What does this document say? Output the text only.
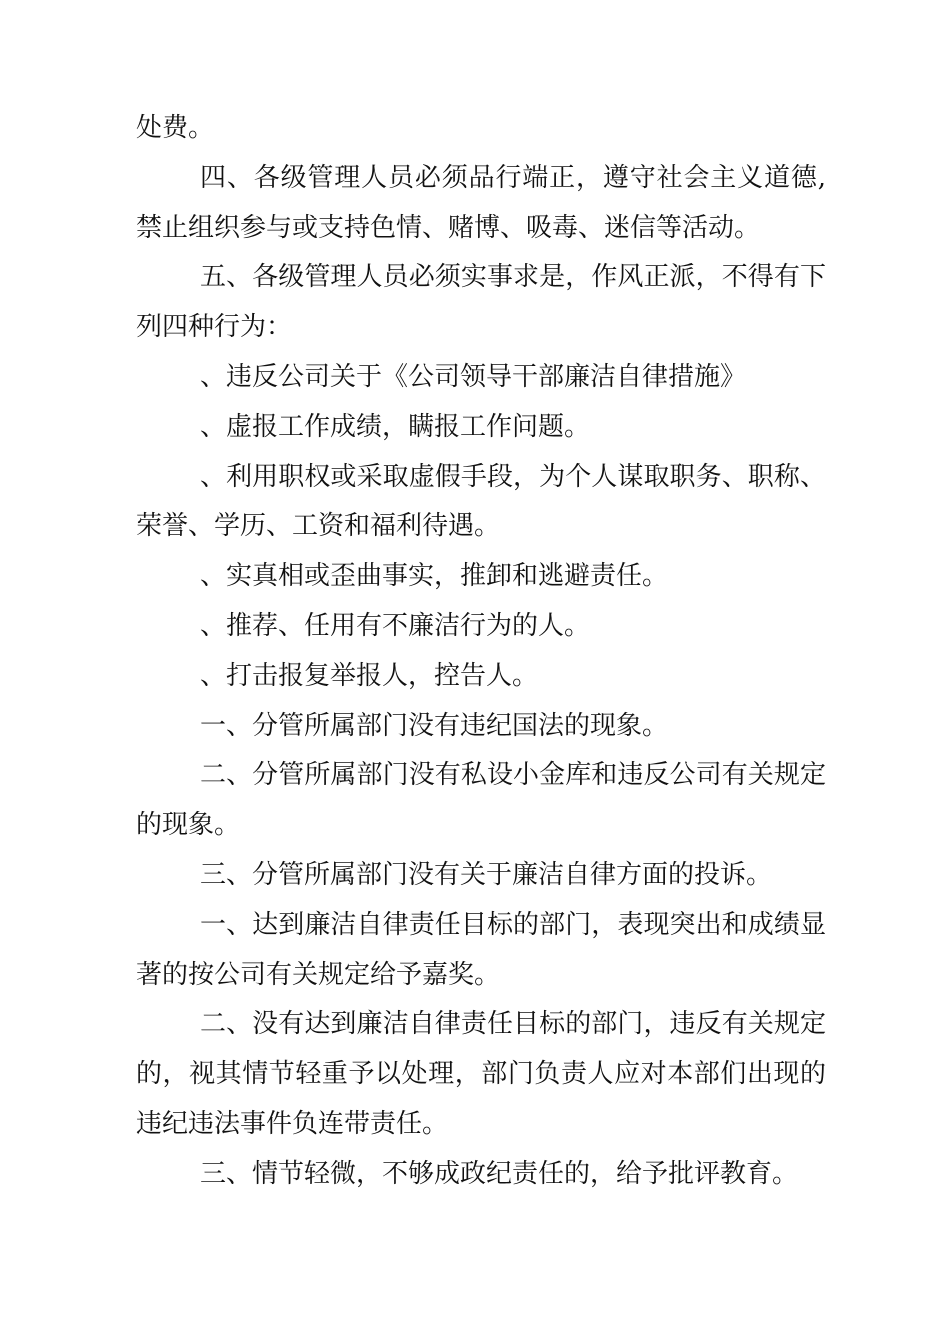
处费。

四、各级管理人员必须品行端正，遵守社会主义道德,禁止组织参与或支持色情、赌博、吸毒、迷信等活动。

五、各级管理人员必须实事求是，作风正派，不得有下列四种行为：

、违反公司关于《公司领导干部廉洁自律措施》

、虚报工作成绩，瞒报工作问题。

、利用职权或采取虚假手段，为个人谋取职务、职称、荣誉、学历、工资和福利待遇。

、实真相或歪曲事实，推卸和逃避责任。

、推荐、任用有不廉洁行为的人。

、打击报复举报人，控告人。

一、分管所属部门没有违纪国法的现象。

二、分管所属部门没有私设小金库和违反公司有关规定的现象。

三、分管所属部门没有关于廉洁自律方面的投诉。

一、达到廉洁自律责任目标的部门，表现突出和成绩显著的按公司有关规定给予嘉奖。

二、没有达到廉洁自律责任目标的部门，违反有关规定的，视其情节轻重予以处理，部门负责人应对本部们出现的违纪违法事件负连带责任。

三、情节轻微，不够成政纪责任的，给予批评教育。
